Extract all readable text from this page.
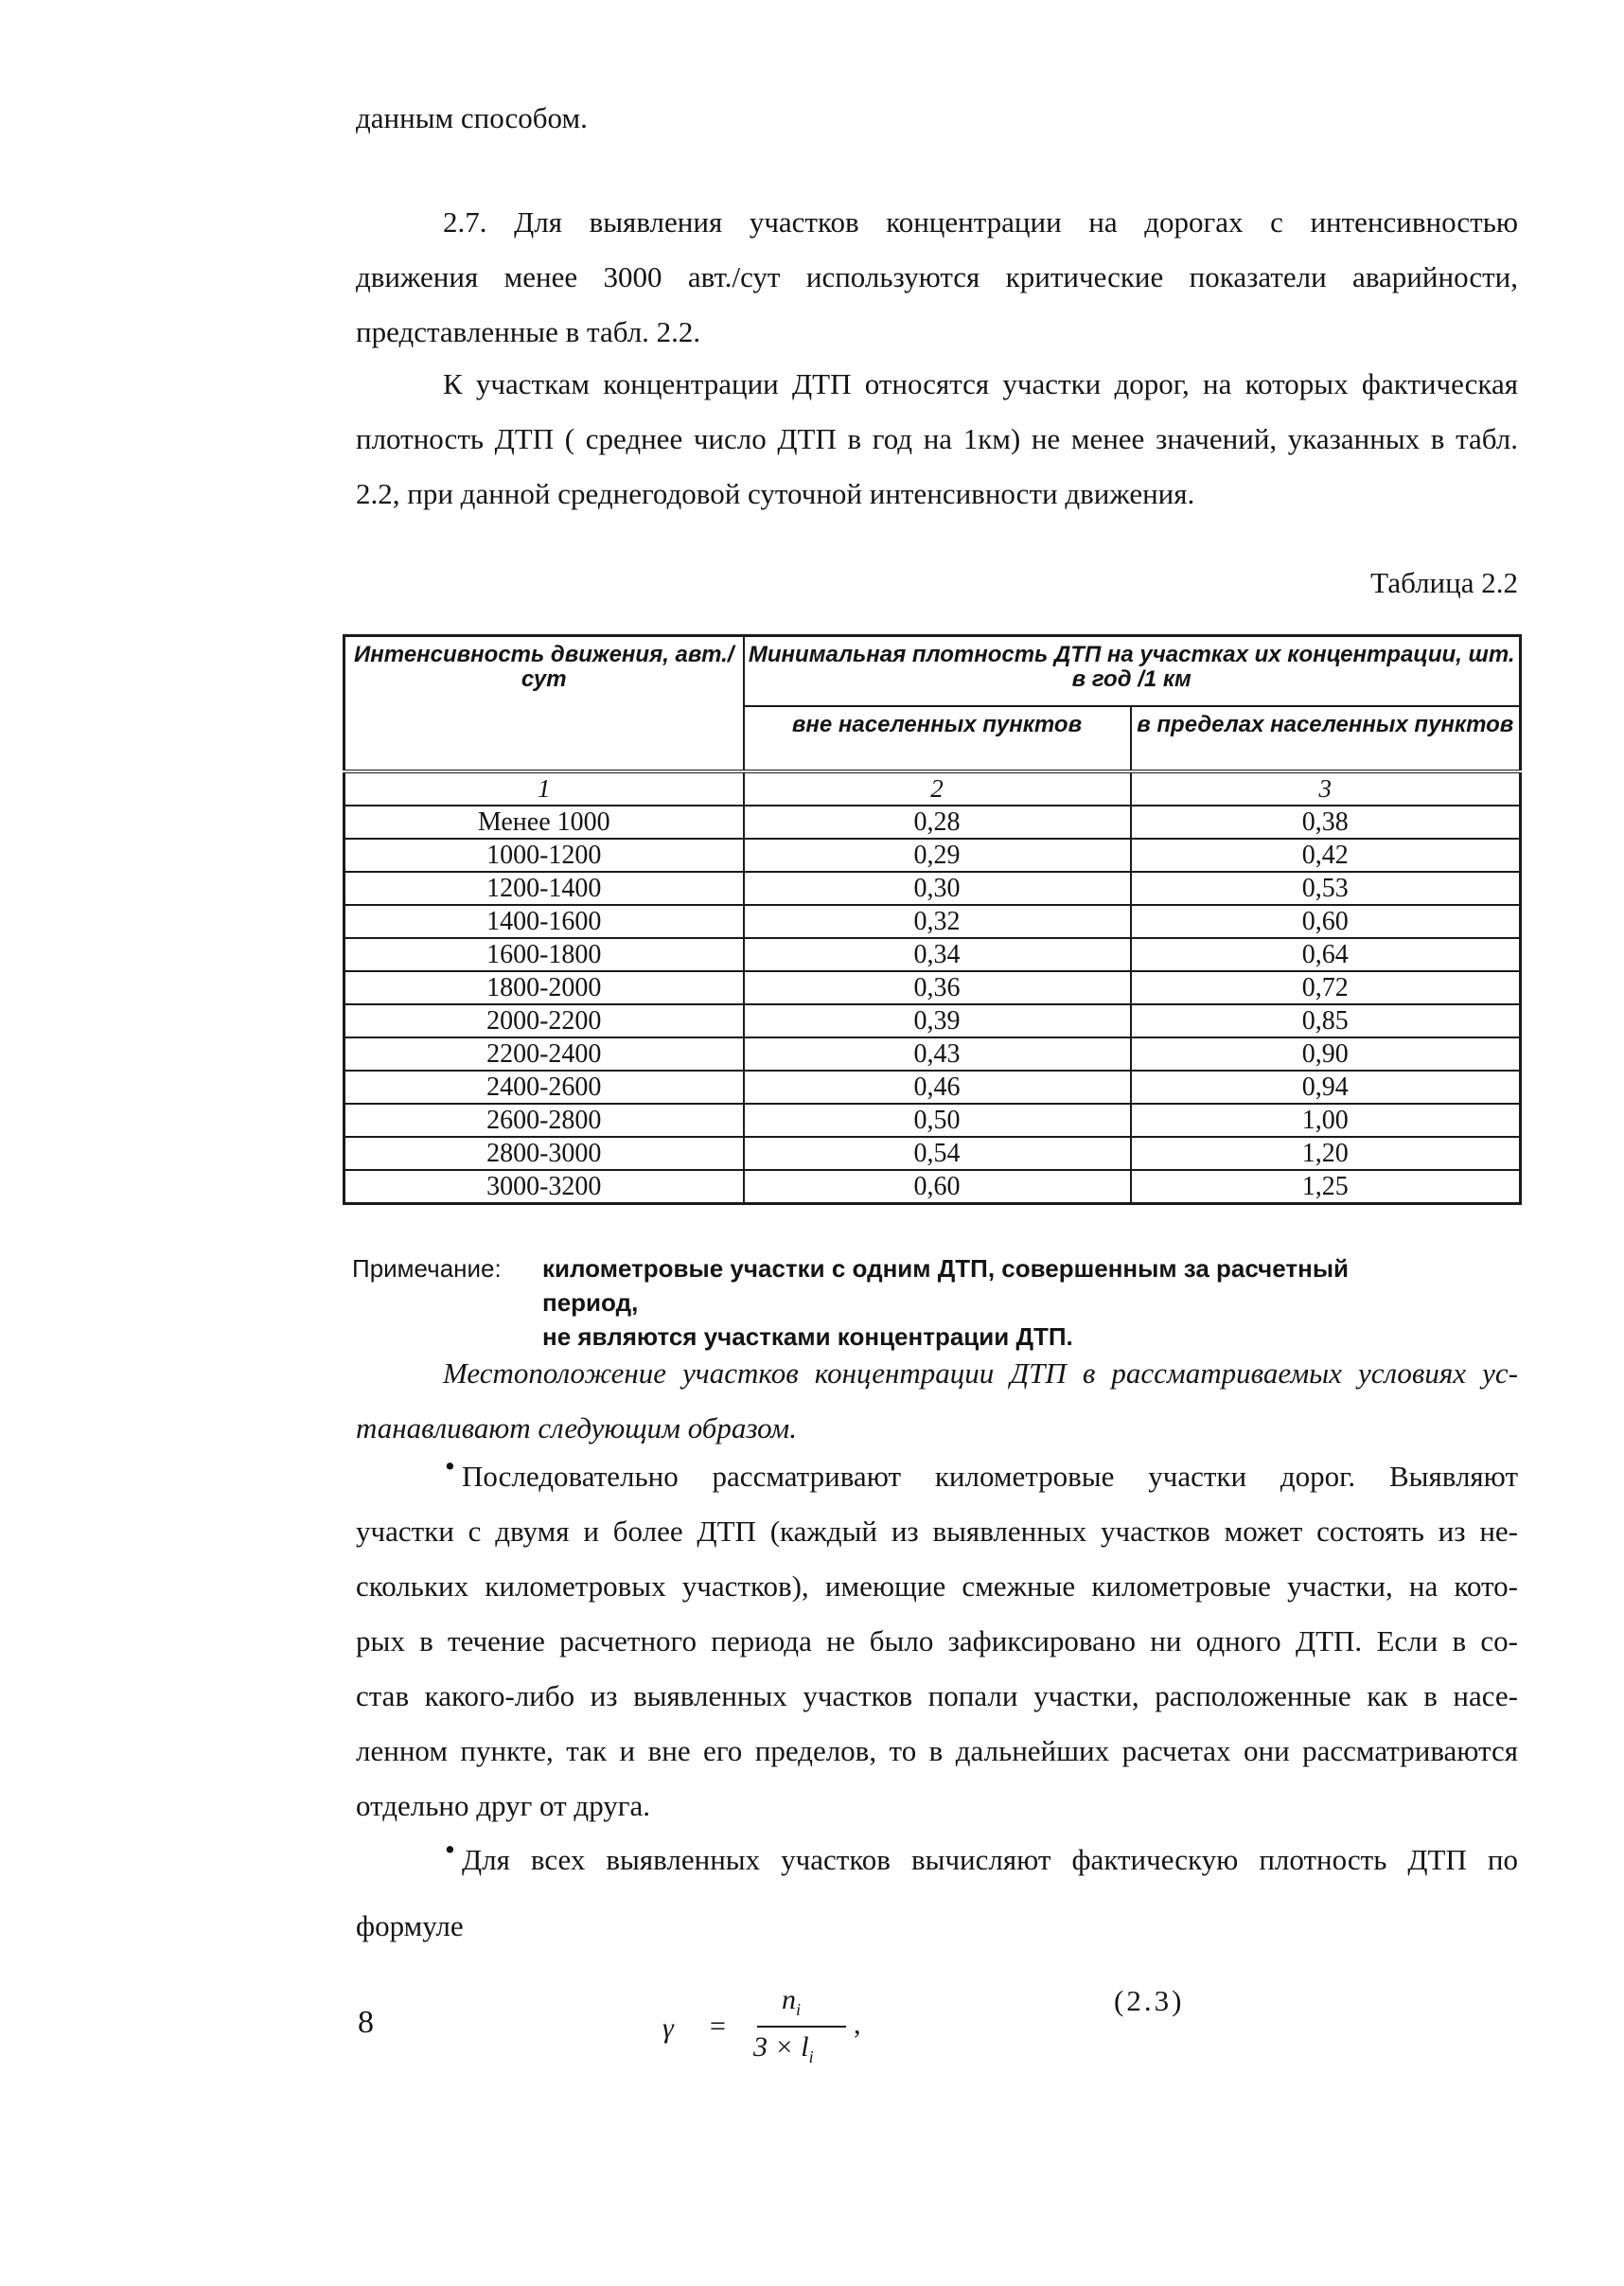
данным способом.
2.7. Для выявления участков концентрации на дорогах с интенсивностью
движения менее 3000 авт./сут используются критические показатели аварийности,
представленные в табл. 2.2.
К участкам концентрации ДТП относятся участки дорог, на которых фактическая
плотность ДТП ( среднее число ДТП в год на 1км) не менее значений, указанных в табл.
2.2, при данной среднегодовой суточной интенсивности движения.
Таблица 2.2
Интенсивность движения, авт./сут	Минимальная плотность ДТП на участках их концентрации, шт. в год /1 км	
	вне населенных пунктов	в пределах населенных пунктов
1	2	3
Менее 1000	0,28	0,38
1000-1200	0,29	0,42
1200-1400	0,30	0,53
1400-1600	0,32	0,60
1600-1800	0,34	0,64
1800-2000	0,36	0,72
2000-2200	0,39	0,85
2200-2400	0,43	0,90
2400-2600	0,46	0,94
2600-2800	0,50	1,00
2800-3000	0,54	1,20
3000-3200	0,60	1,25
Примечание: километровые участки с одним ДТП, совершенным за расчетный период,
не являются участками концентрации ДТП.
Местоположение участков концентрации ДТП в рассматриваемых условиях ус-
танавливают следующим образом.
• Последовательно рассматривают километровые участки дорог. Выявляют
участки с двумя и более ДТП (каждый из выявленных участков может состоять из не-
скольких километровых участков), имеющие смежные километровые участки, на кото-
рых в течение расчетного периода не было зафиксировано ни одного ДТП. Если в со-
став какого-либо из выявленных участков попали участки, расположенные как в насе-
ленном пункте, так и вне его пределов, то в дальнейших расчетах они рассматриваются
отдельно друг от друга.
• Для всех выявленных участков вычисляют фактическую плотность ДТП по
формуле
γ =
$n_i$
$3 \times l_i$
,
(2.3)
8
